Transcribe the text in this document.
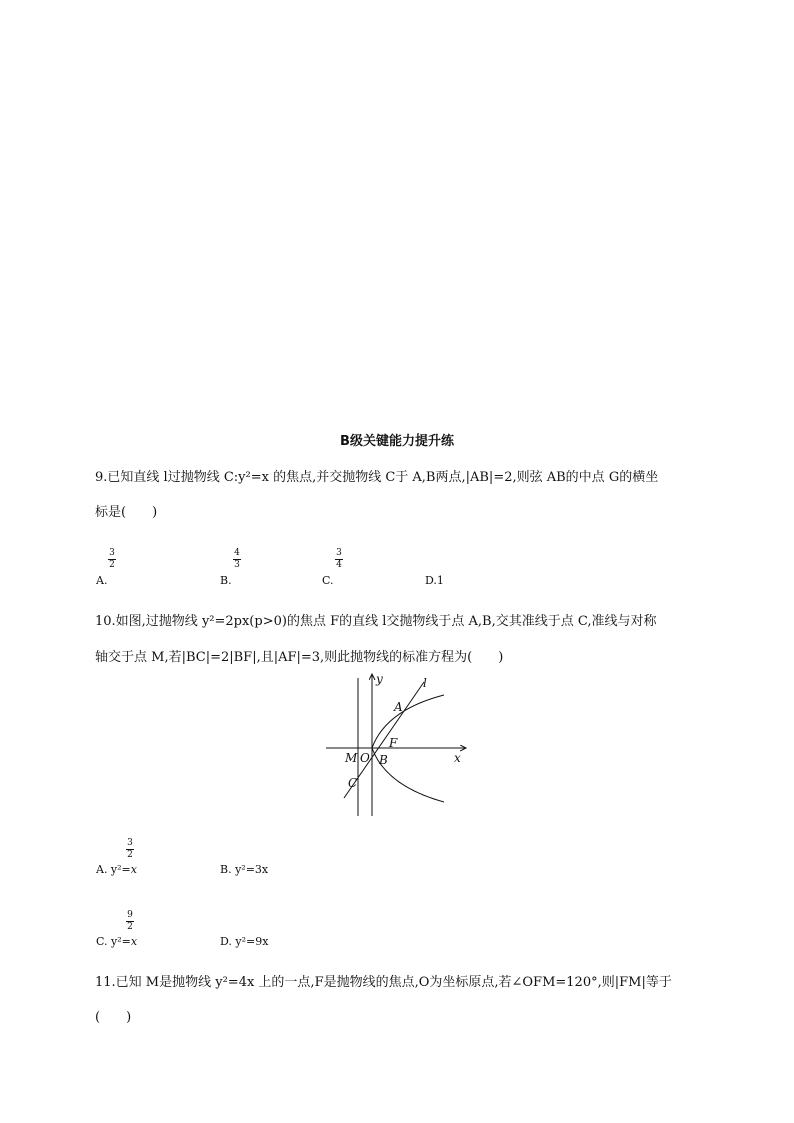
B级关键能力提升练
9.已知直线 l过抛物线 C:y²=x 的焦点,并交抛物线 C于 A,B两点,|AB|=2,则弦 AB的中点 G的横坐
标是(　　)
3
2
A.
4
3
B.
3
4
C.	D.1
10.如图,过抛物线 y²=2px(p>0)的焦点 F的直线 l交抛物线于点 A,B,交其准线于点 C,准线与对称
轴交于点 M,若|BC|=2|BF|,且|AF|=3,则此抛物线的标准方程为(　　)
y
x
l
A
F
M O B
C
3
2
A. y²=x	B. y²=3x
9
2
C. y²=x	D. y²=9x
11.已知 M是抛物线 y²=4x 上的一点,F是抛物线的焦点,O为坐标原点,若∠OFM=120°,则|FM|等于
(　　)
